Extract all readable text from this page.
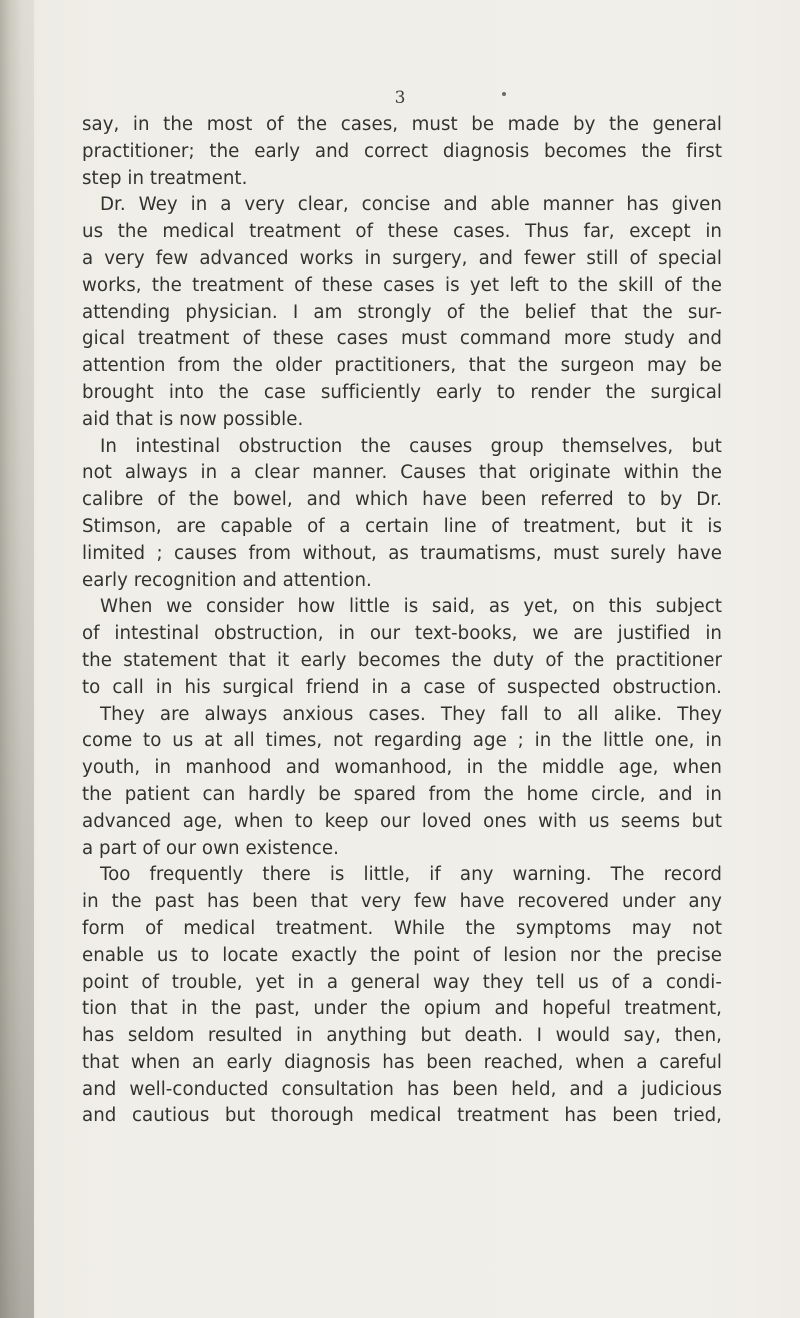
3
say, in the most of the cases, must be made by the general
practitioner; the early and correct diagnosis becomes the first
step in treatment.
Dr. Wey in a very clear, concise and able manner has given
us the medical treatment of these cases. Thus far, except in
a very few advanced works in surgery, and fewer still of special
works, the treatment of these cases is yet left to the skill of the
attending physician. I am strongly of the belief that the sur-
gical treatment of these cases must command more study and
attention from the older practitioners, that the surgeon may be
brought into the case sufficiently early to render the surgical
aid that is now possible.
In intestinal obstruction the causes group themselves, but
not always in a clear manner. Causes that originate within the
calibre of the bowel, and which have been referred to by Dr.
Stimson, are capable of a certain line of treatment, but it is
limited ; causes from without, as traumatisms, must surely have
early recognition and attention.
When we consider how little is said, as yet, on this subject
of intestinal obstruction, in our text-books, we are justified in
the statement that it early becomes the duty of the practitioner
to call in his surgical friend in a case of suspected obstruction.
They are always anxious cases. They fall to all alike. They
come to us at all times, not regarding age ; in the little one, in
youth, in manhood and womanhood, in the middle age, when
the patient can hardly be spared from the home circle, and in
advanced age, when to keep our loved ones with us seems but
a part of our own existence.
Too frequently there is little, if any warning. The record
in the past has been that very few have recovered under any
form of medical treatment. While the symptoms may not
enable us to locate exactly the point of lesion nor the precise
point of trouble, yet in a general way they tell us of a condi-
tion that in the past, under the opium and hopeful treatment,
has seldom resulted in anything but death. I would say, then,
that when an early diagnosis has been reached, when a careful
and well-conducted consultation has been held, and a judicious
and cautious but thorough medical treatment has been tried,
